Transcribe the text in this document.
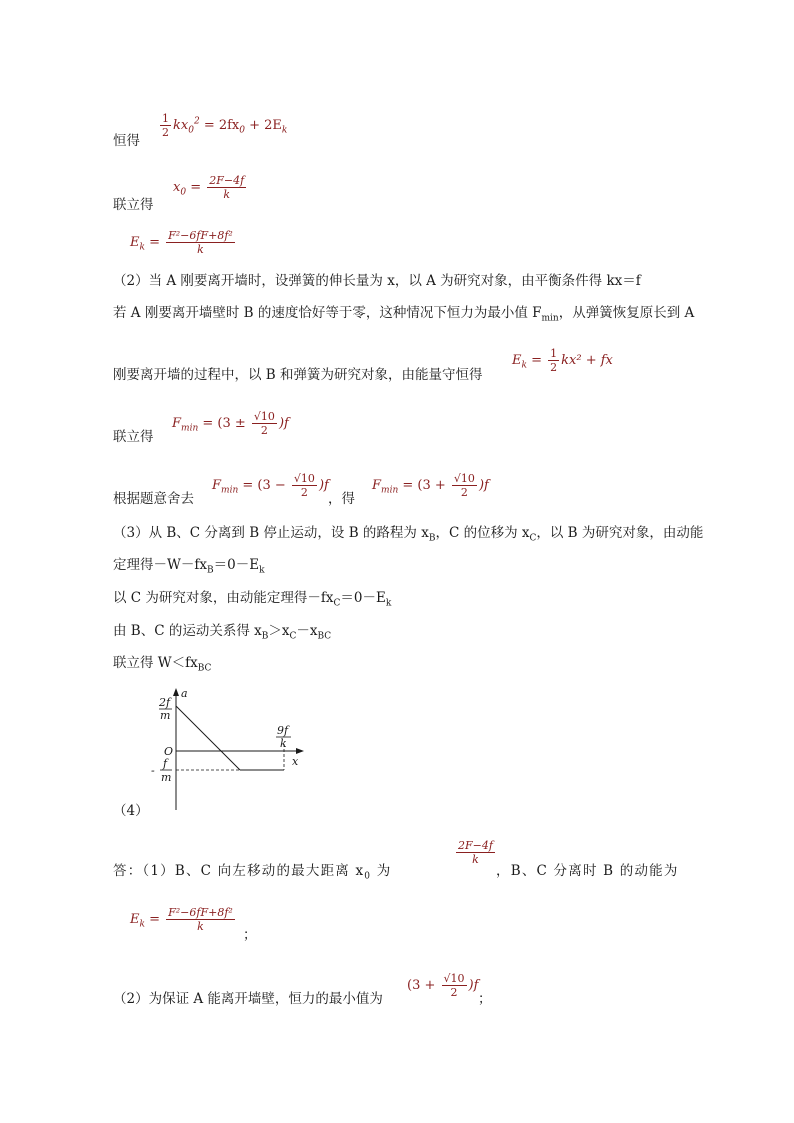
恒得
$\frac{1}{2} kx_0^2 = 2fx_0 + 2E_k$
联立得
$x_0 = \frac{2F-4f}{k}$
$E_k = \frac{\text{F²−6fF+8f²}}{k}$
（2）当 A 刚要离开墙时，设弹簧的伸长量为 x，以 A 为研究对象，由平衡条件得 kx＝f
若 A 刚要离开墙壁时 B 的速度恰好等于零，这种情况下恒力为最小值 $F_{min}$，从弹簧恢复原长到 A
刚要离开墙的过程中，以 B 和弹簧为研究对象，由能量守恒得
$E_k = \frac{1}{2} kx^2$ + fx
联立得
$F_{min} = (3 \pm \frac{√10}{2} )f$
根据题意舍去
$F_{min} = (3 - \frac{√10}{2} )f$
，得
$F_{min} = (3 + \frac{√10}{2} )f$
（3）从 B、C 分离到 B 停止运动，设 B 的路程为 $x_B$，C 的位移为 $x_C$，以 B 为研究对象，由动能
定理得$-W-fx_B=0-E_k$
以 C 为研究对象，由动能定理得$-fx_C=0-E_k$
由 B、C 的运动关系得 $x_B>x_C-x_{BC}$
联立得 $W<fx_{BC}$
a
x
O
2f
m
-
f
m
9f
k
（4）
答：（1）B、C 向左移动的最大距离 $x_0$ 为
$\frac{2F-4f}{k}$
，B、C 分离时 B 的动能为
$E_k = \frac{\text{F²−6fF+8f²}}{k}$
；
（2）为保证 A 能离开墙壁，恒力的最小值为
$(3 + \frac{√10}{2} )f$
；
